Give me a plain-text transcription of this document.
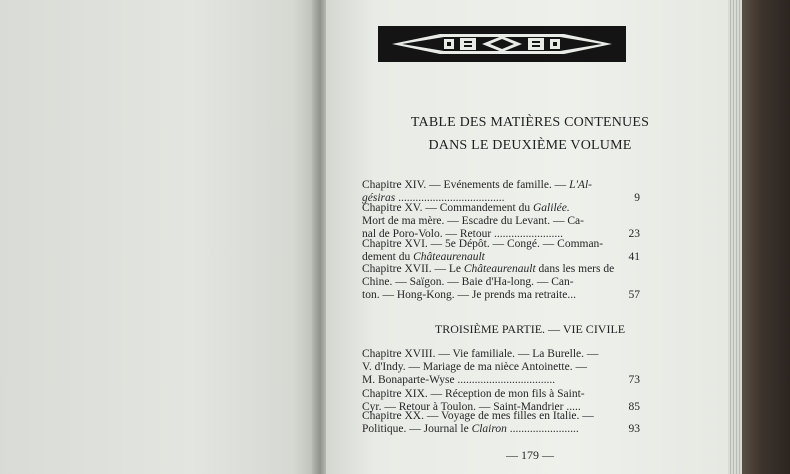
TABLE DES MATIÈRES CONTENUES
DANS LE DEUXIÈME VOLUME
Chapitre XIV. — Evénements de famille. — L'Al-
gésiras .....................................	9
Chapitre XV. — Commandement du Galilée.
Mort de ma mère. — Escadre du Levant. — Ca-
nal de Poro-Volo. — Retour ........................	23
Chapitre XVI. — 5e Dépôt. — Congé. — Comman-
dement du Châteaurenault	41
Chapitre XVII. — Le Châteaurenault dans les mers de
Chine. — Saïgon. — Baie d'Ha-long. — Can-
ton. — Hong-Kong. — Je prends ma retraite...	57
TROISIÈME PARTIE. — VIE CIVILE
Chapitre XVIII. — Vie familiale. — La Burelle. —
V. d'Indy. — Mariage de ma nièce Antoinette. —
M. Bonaparte-Wyse ..................................	73
Chapitre XIX. — Réception de mon fils à Saint-
Cyr. — Retour à Toulon. — Saint-Mandrier .....	85
Chapitre XX. — Voyage de mes filles en Italie. —
Politique. — Journal le Clairon ........................	93
— 179 —
